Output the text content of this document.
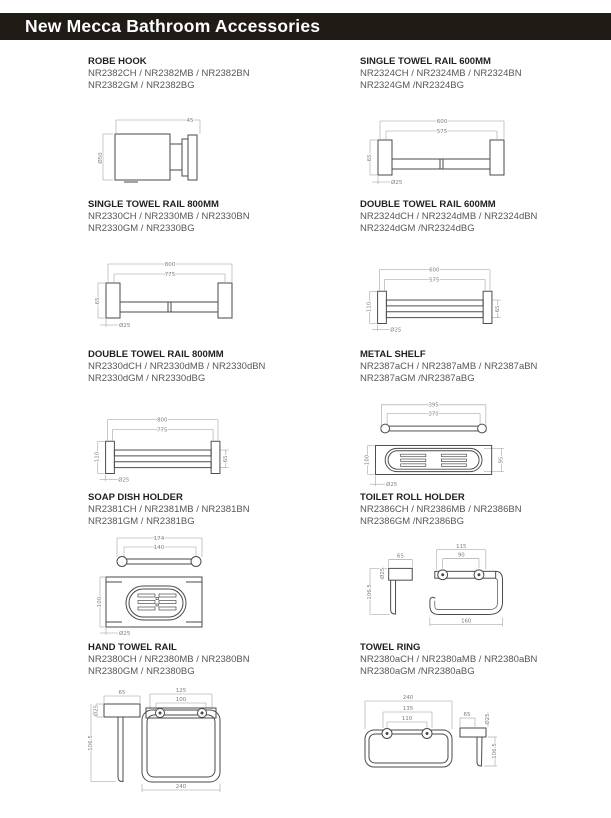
New Mecca Bathroom Accessories
ROBE HOOK
NR2382CH / NR2382MB / NR2382BN
NR2382GM / NR2382BG
45
Ø50
SINGLE TOWEL RAIL 600MM
NR2324CH / NR2324MB / NR2324BN
NR2324GM /NR2324BG
600
575
65
Ø25
SINGLE TOWEL RAIL 800MM
NR2330CH / NR2330MB / NR2330BN
NR2330GM / NR2330BG
800
775
65
Ø25
DOUBLE TOWEL RAIL 600MM
NR2324dCH / NR2324dMB / NR2324dBN
NR2324dGM /NR2324dBG
600
575
110	65
Ø25
DOUBLE TOWEL RAIL 800MM
NR2330dCH / NR2330dMB / NR2330dBN
NR2330dGM / NR2330dBG
800
775
110	65
Ø25
METAL SHELF
NR2387aCH / NR2387aMB / NR2387aBN
NR2387aGM /NR2387aBG
395
370
100	95
Ø25
SOAP DISH HOLDER
NR2381CH / NR2381MB / NR2381BN
NR2381GM / NR2381BG
174
140
100
Ø25
TOILET ROLL HOLDER
NR2386CH / NR2386MB / NR2386BN
NR2386GM /NR2386BG
65
Ø25
106.5
115
90
160
HAND TOWEL RAIL
NR2380CH / NR2380MB / NR2380BN
NR2380GM / NR2380BG
65
Ø25
106.5
125
100
240
TOWEL RING
NR2380aCH / NR2380aMB / NR2380aBN
NR2380aGM /NR2380aBG
240
135
110
65	Ø25
106.5
